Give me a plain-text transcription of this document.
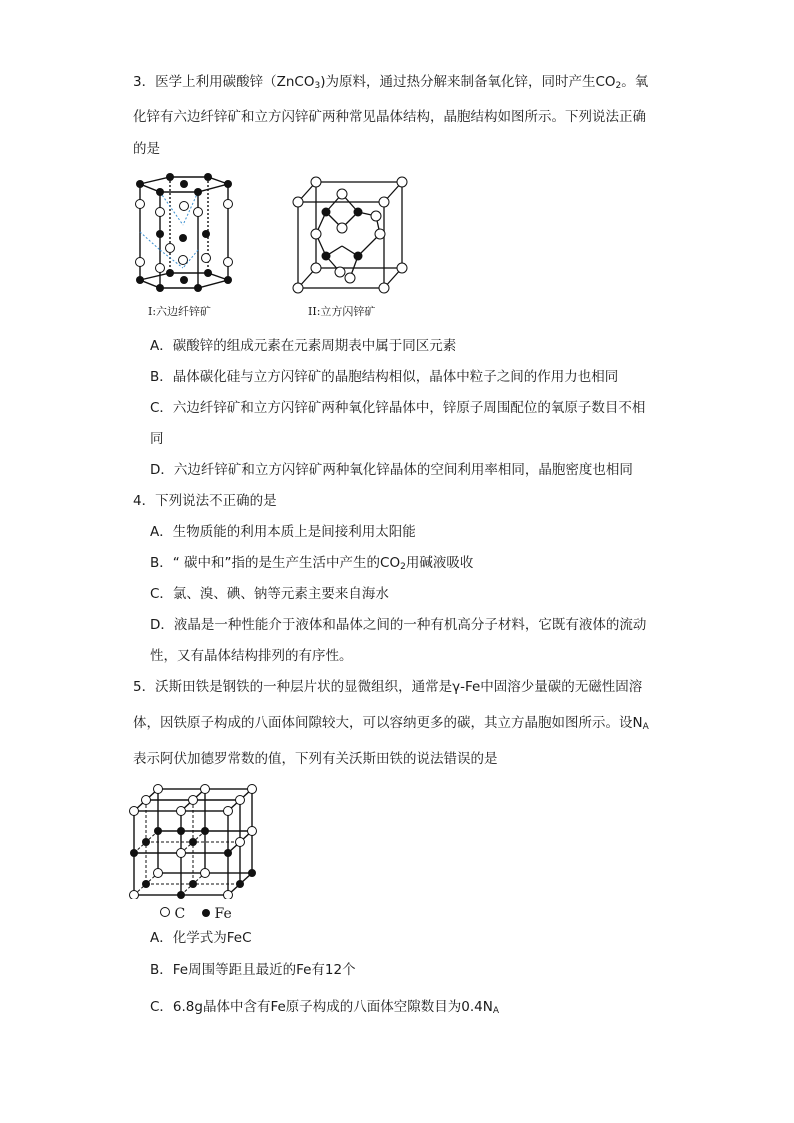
3．医学上利用碳酸锌（ZnCO$_3$)为原料，通过热分解来制备氧化锌，同时产生$CO_2$。氧
化锌有六边纤锌矿和立方闪锌矿两种常见晶体结构，晶胞结构如图所示。下列说法正确
的是
I:六边纤锌矿	II:立方闪锌矿
A．碳酸锌的组成元素在元素周期表中属于同区元素
B．晶体碳化硅与立方闪锌矿的晶胞结构相似，晶体中粒子之间的作用力也相同
C．六边纤锌矿和立方闪锌矿两种氧化锌晶体中，锌原子周围配位的氧原子数目不相
同
D．六边纤锌矿和立方闪锌矿两种氧化锌晶体的空间利用率相同，晶胞密度也相同
4．下列说法不正确的是
A．生物质能的利用本质上是间接利用太阳能
B．“ 碳中和”指的是生产生活中产生的$CO_2$用碱液吸收
C．氯、溴、碘、钠等元素主要来自海水
D．液晶是一种性能介于液体和晶体之间的一种有机高分子材料，它既有液体的流动
性，又有晶体结构排列的有序性。
5．沃斯田铁是钢铁的一种层片状的显微组织，通常是γ-Fe中固溶少量碳的无磁性固溶
体，因铁原子构成的八面体间隙较大，可以容纳更多的碳，其立方晶胞如图所示。设$N_A$
表示阿伏加德罗常数的值，下列有关沃斯田铁的说法错误的是
C Fe
A．化学式为FeC
B．Fe周围等距且最近的Fe有12个
C．6.8g晶体中含有Fe原子构成的八面体空隙数目为$0.4N_A$
